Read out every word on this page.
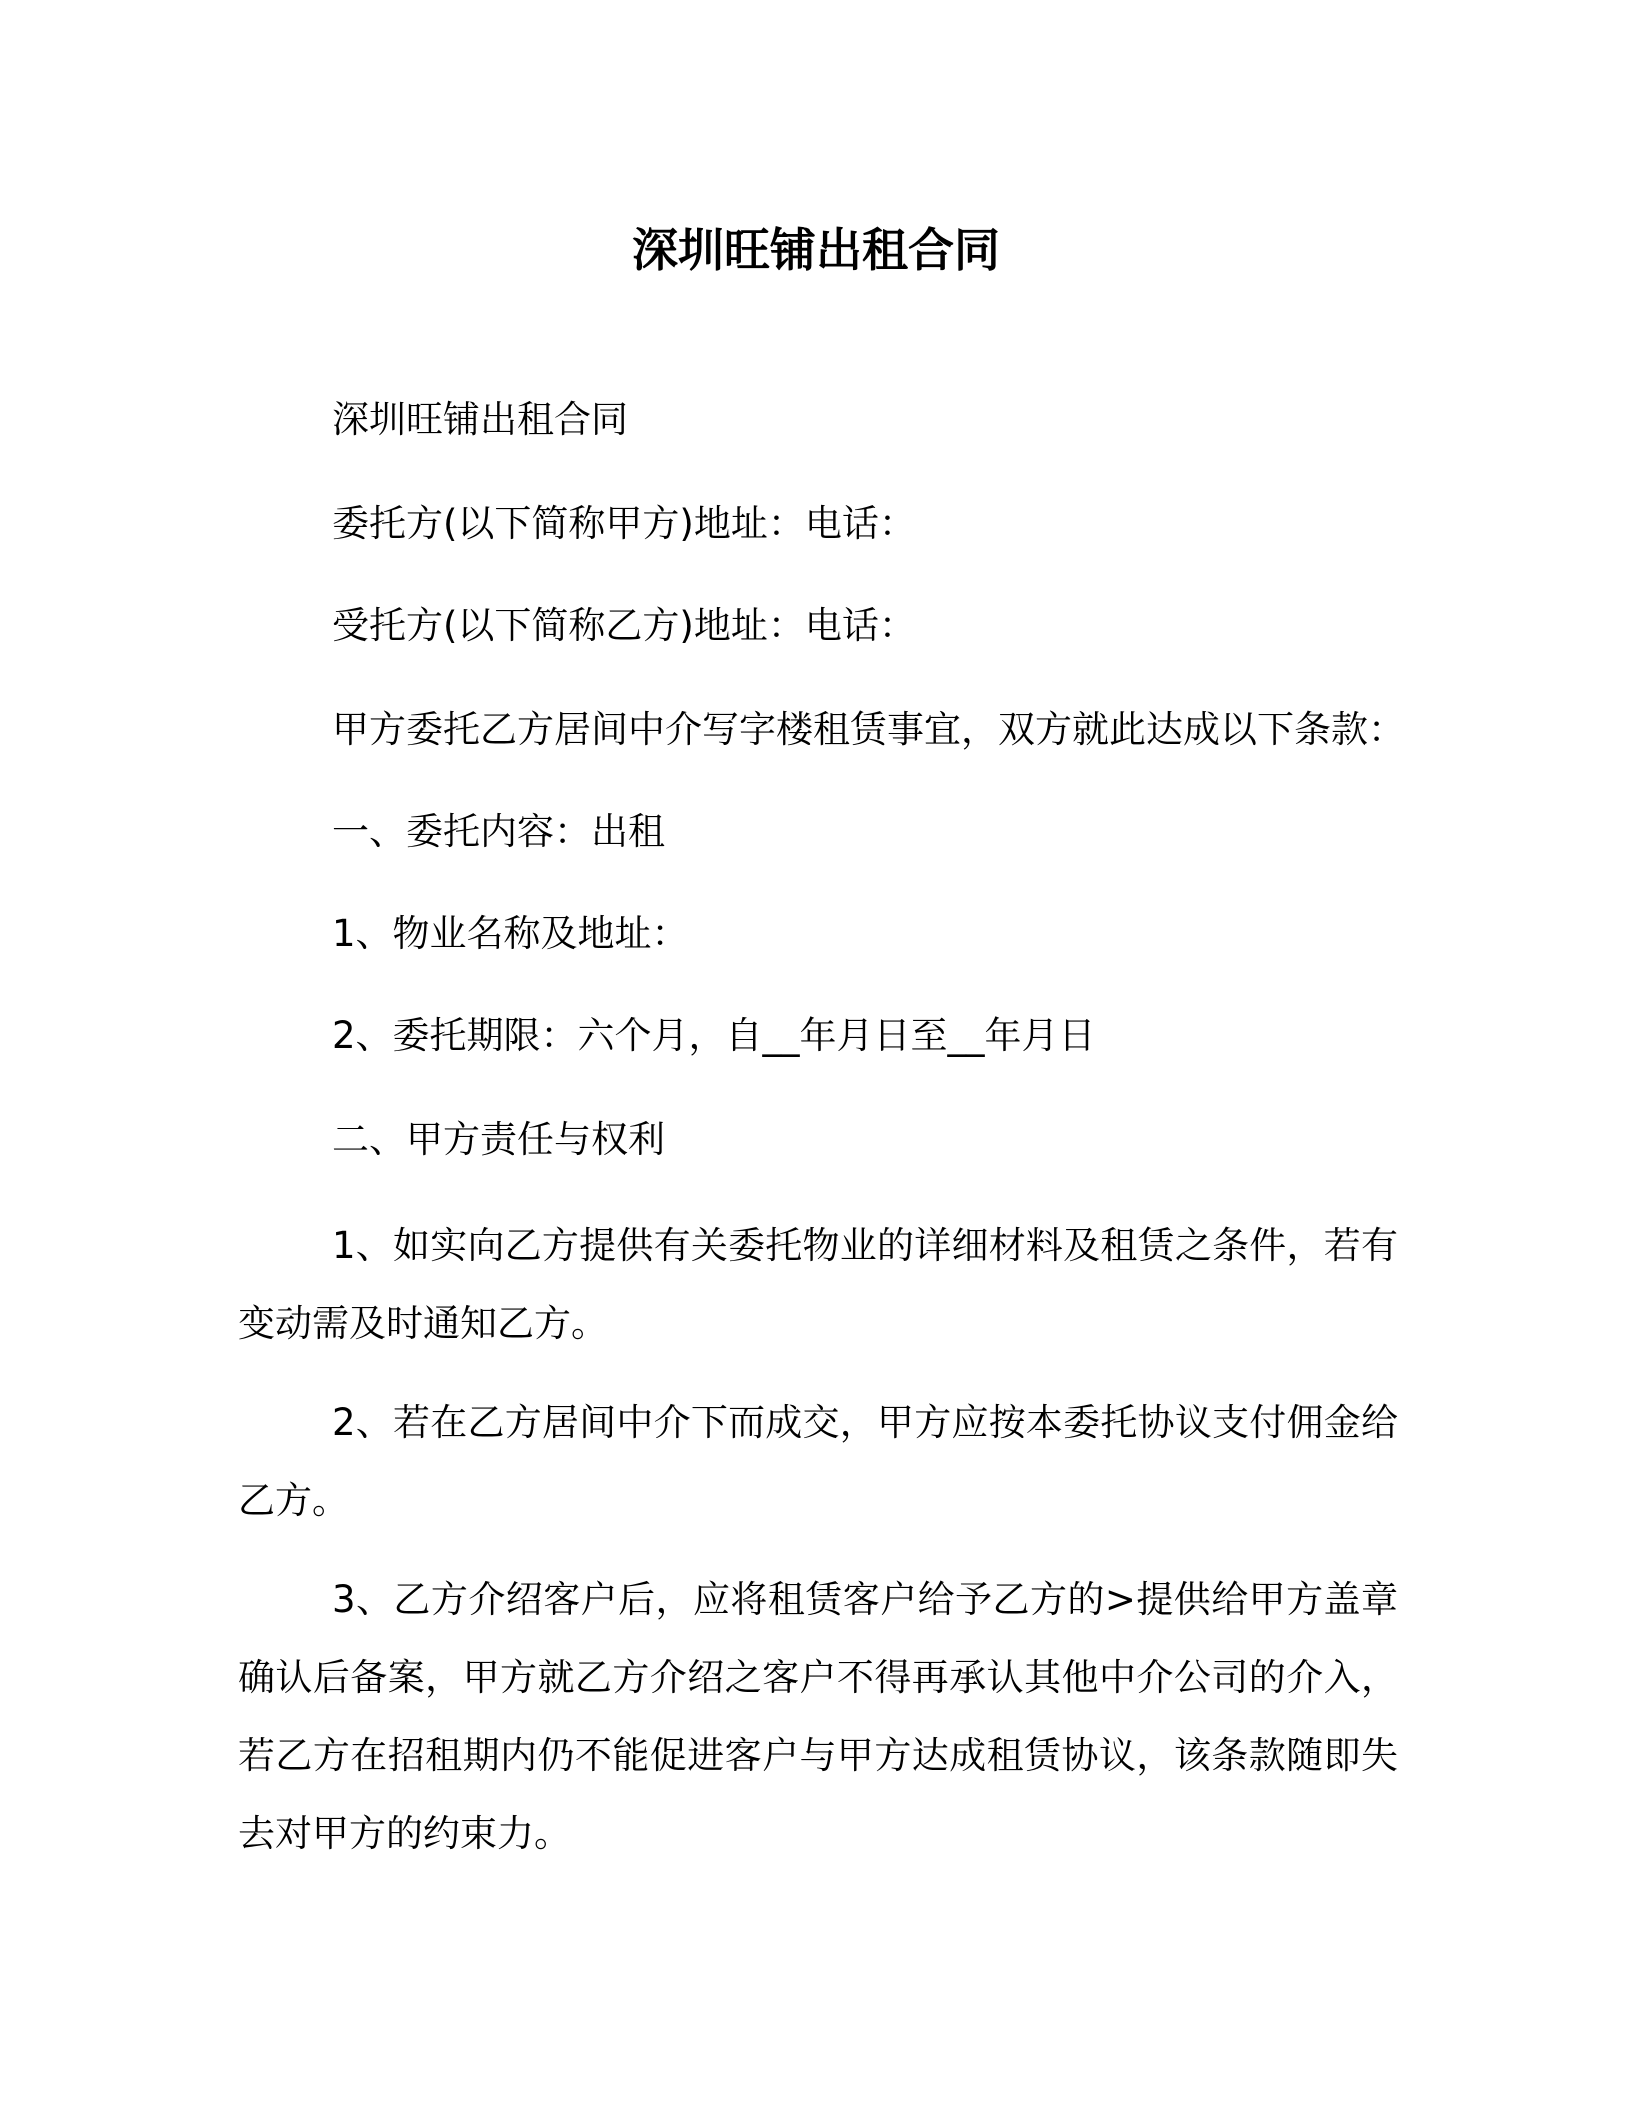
深圳旺铺出租合同
深圳旺铺出租合同
委托方(以下简称甲方)地址：电话：
受托方(以下简称乙方)地址：电话：
甲方委托乙方居间中介写字楼租赁事宜，双方就此达成以下条款：
一、委托内容：出租
1、物业名称及地址：
2、委托期限：六个月，自__年月日至__年月日
二、甲方责任与权利
1、如实向乙方提供有关委托物业的详细材料及租赁之条件，若有变动需及时通知乙方。
2、若在乙方居间中介下而成交，甲方应按本委托协议支付佣金给乙方。
3、乙方介绍客户后，应将租赁客户给予乙方的>提供给甲方盖章确认后备案，甲方就乙方介绍之客户不得再承认其他中介公司的介入，若乙方在招租期内仍不能促进客户与甲方达成租赁协议，该条款随即失去对甲方的约束力。
